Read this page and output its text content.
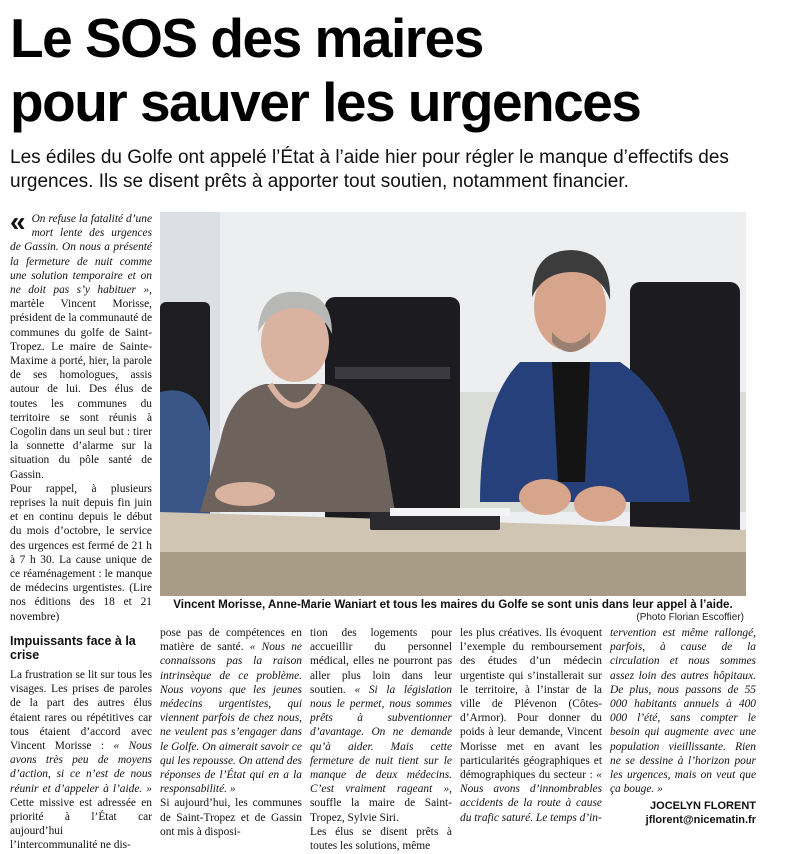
Le SOS des maires
pour sauver les urgences
Les édiles du Golfe ont appelé l’État à l’aide hier pour régler le manque d’effectifs des urgences. Ils se disent prêts à apporter tout soutien, notamment financier.

« On refuse la fatalité d’une mort lente des urgences de Gassin. On nous a présenté la fermeture de nuit comme une solution temporaire et on ne doit pas s’y habituer », martèle Vincent Morisse, président de la communauté de communes du golfe de Saint-Tropez. Le maire de Sainte-Maxime a porté, hier, la parole de ses homologues, assis autour de lui. Des élus de toutes les communes du territoire se sont réunis à Cogolin dans un seul but : tirer la sonnette d’alarme sur la situation du pôle santé de Gassin.

Pour rappel, à plusieurs reprises la nuit depuis fin juin et en continu depuis le début du mois d’octobre, le service des urgences est fermé de 21 h à 7 h 30. La cause unique de ce réaménagement : le manque de médecins urgentistes. (Lire nos éditions des 18 et 21 novembre)

Impuissants face à la crise

La frustration se lit sur tous les visages. Les prises de paroles de la part des autres élus étaient rares ou répétitives car tous étaient d’accord avec Vincent Morisse : « Nous avons très peu de moyens d’action, si ce n’est de nous réunir et d’appeler à l’aide. » Cette missive est adressée en priorité à l’État car aujourd’hui l’intercommunalité ne dis-

Vincent Morisse, Anne-Marie Waniart et tous les maires du Golfe se sont unis dans leur appel à l’aide.
(Photo Florian Escoffier)

pose pas de compétences en matière de santé. « Nous ne connaissons pas la raison intrinsèque de ce problème. Nous voyons que les jeunes médecins urgentistes, qui viennent parfois de chez nous, ne veulent pas s’engager dans le Golfe. On aimerait savoir ce qui les repousse. On attend des réponses de l’État qui en a la responsabilité. »

Si aujourd’hui, les communes de Saint-Tropez et de Gassin ont mis à disposi-

tion des logements pour accueillir du personnel médical, elles ne pourront pas aller plus loin dans leur soutien. « Si la législation nous le permet, nous sommes prêts à subventionner d’avantage. On ne demande qu’à aider. Mais cette fermeture de nuit tient sur le manque de deux médecins. C’est vraiment rageant », souffle la maire de Saint-Tropez, Sylvie Siri.

Les élus se disent prêts à toutes les solutions, même

les plus créatives. Ils évoquent l’exemple du remboursement des études d’un médecin urgentiste qui s’installerait sur le territoire, à l’instar de la ville de Plévenon (Côtes-d’Armor). Pour donner du poids à leur demande, Vincent Morisse met en avant les particularités géographiques et démographiques du secteur : « Nous avons d’innombrables accidents de la route à cause du trafic saturé. Le temps d’in-

tervention est même rallongé, parfois, à cause de la circulation et nous sommes assez loin des autres hôpitaux. De plus, nous passons de 55 000 habitants annuels à 400 000 l’été, sans compter le besoin qui augmente avec une population vieillissante. Rien ne se dessine à l’horizon pour les urgences, mais on veut que ça bouge. »

JOCELYN FLORENT
jflorent@nicematin.fr
